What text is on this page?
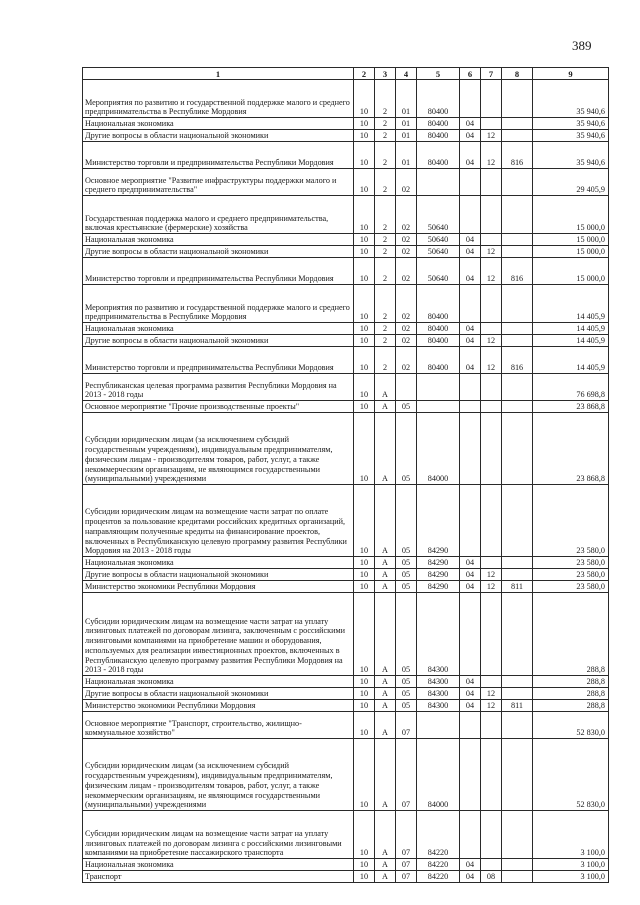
389
1	2	3	4	5	6	7	8	9
Мероприятия по развитию и государственной поддержке малого и среднего предпринимательства в Республике Мордовия	10	2	01	80400				35 940,6
Национальная экономика	10	2	01	80400	04			35 940,6
Другие вопросы в области национальной экономики	10	2	01	80400	04	12		35 940,6
Министерство торговли и предпринимательства Республики Мордовия	10	2	01	80400	04	12	816	35 940,6
Основное мероприятие "Развитие инфраструктуры поддержки малого и среднего предпринимательства"	10	2	02					29 405,9
Государственная поддержка малого и среднего предпринимательства, включая крестьянские (фермерские) хозяйства	10	2	02	50640				15 000,0
Национальная экономика	10	2	02	50640	04			15 000,0
Другие вопросы в области национальной экономики	10	2	02	50640	04	12		15 000,0
Министерство торговли и предпринимательства Республики Мордовия	10	2	02	50640	04	12	816	15 000,0
Мероприятия по развитию и государственной поддержке малого и среднего предпринимательства в Республике Мордовия	10	2	02	80400				14 405,9
Национальная экономика	10	2	02	80400	04			14 405,9
Другие вопросы в области национальной экономики	10	2	02	80400	04	12		14 405,9
Министерство торговли и предпринимательства Республики Мордовия	10	2	02	80400	04	12	816	14 405,9
Республиканская целевая программа развития Республики Мордовия на 2013 - 2018 годы	10	А						76 698,8
Основное мероприятие "Прочие производственные проекты"	10	А	05					23 868,8
Субсидии юридическим лицам (за исключением субсидий государственным учреждениям), индивидуальным предпринимателям, физическим лицам - производителям товаров, работ, услуг, а также некоммерческим организациям, не являющимся государственными (муниципальными) учреждениями	10	А	05	84000				23 868,8
Субсидии юридическим лицам на возмещение части затрат по оплате процентов за пользование кредитами российских кредитных организаций, направляющим полученные кредиты на финансирование проектов, включенных в Республиканскую целевую программу развития Республики Мордовия на 2013 - 2018 годы	10	А	05	84290				23 580,0
Национальная экономика	10	А	05	84290	04			23 580,0
Другие вопросы в области национальной экономики	10	А	05	84290	04	12		23 580,0
Министерство экономики Республики Мордовия	10	А	05	84290	04	12	811	23 580,0
Субсидии юридическим лицам на возмещение части затрат на уплату лизинговых платежей по договорам лизинга, заключенным с российскими лизинговыми компаниями на приобретение машин и оборудования, используемых для реализации инвестиционных проектов, включенных в Республиканскую целевую программу развития Республики Мордовия на 2013 - 2018 годы	10	А	05	84300				288,8
Национальная экономика	10	А	05	84300	04			288,8
Другие вопросы в области национальной экономики	10	А	05	84300	04	12		288,8
Министерство экономики Республики Мордовия	10	А	05	84300	04	12	811	288,8
Основное мероприятие "Транспорт, строительство, жилищно-коммунальное хозяйство"	10	А	07					52 830,0
Субсидии юридическим лицам (за исключением субсидий государственным учреждениям), индивидуальным предпринимателям, физическим лицам - производителям товаров, работ, услуг, а также некоммерческим организациям, не являющимся государственными (муниципальными) учреждениями	10	А	07	84000				52 830,0
Субсидии юридическим лицам на возмещение части затрат на уплату лизинговых платежей по договорам лизинга с российскими лизинговыми компаниями на приобретение пассажирского транспорта	10	А	07	84220				3 100,0
Национальная экономика	10	А	07	84220	04			3 100,0
Транспорт	10	А	07	84220	04	08		3 100,0
